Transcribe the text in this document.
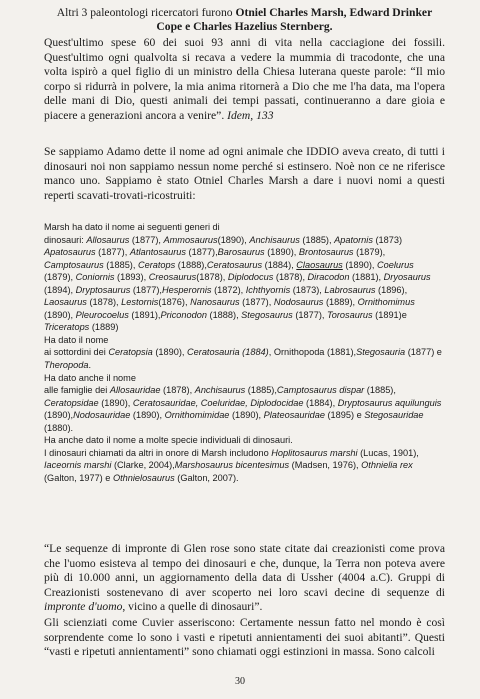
Altri 3 paleontologi ricercatori furono Otniel Charles Marsh, Edward Drinker
Cope e Charles Hazelius Sternberg.

Quest'ultimo spese 60 dei suoi 93 anni di vita nella cacciagione dei fossili. Quest'ultimo ogni qualvolta si recava a vedere la mummia di tracodonte, che una volta ispirò a quel figlio di un ministro della Chiesa luterana queste parole: “Il mio corpo si ridurrà in polvere, la mia anima ritornerà a Dio che me l'ha data, ma l'opera delle mani di Dio, questi animali dei tempi passati, continueranno a dare gioia e piacere a generazioni ancora a venire”. Idem, 133

Se sappiamo Adamo dette il nome ad ogni animale che IDDIO aveva creato, di tutti i dinosauri noi non sappiamo nessun nome perché si estinsero. Noè non ce ne riferisce manco uno. Sappiamo è stato Otniel Charles Marsh a dare i nuovi nomi a questi reperti scavati-trovati-ricostruiti:

Marsh ha dato il nome ai seguenti generi di
dinosauri: Allosaurus (1877), Ammosaurus(1890), Anchisaurus (1885), Apatornis (1873) Apatosaurus (1877), Atlantosaurus (1877),Barosaurus (1890), Brontosaurus (1879), Camptosaurus (1885), Ceratops (1888),Ceratosaurus (1884), Claosaurus (1890), Coelurus (1879), Coniornis (1893), Creosaurus(1878), Diplodocus (1878), Diracodon (1881), Dryosaurus (1894), Dryptosaurus (1877),Hesperornis (1872), Ichthyornis (1873), Labrosaurus (1896), Laosaurus (1878), Lestornis(1876), Nanosaurus (1877), Nodosaurus (1889), Ornithomimus (1890), Pleurocoelus (1891),Priconodon (1888), Stegosaurus (1877), Torosaurus (1891)e Triceratops (1889)
Ha dato il nome
ai sottordini dei Ceratopsia (1890), Ceratosauria (1884), Ornithopoda (1881),Stegosauria (1877) e Theropoda.
Ha dato anche il nome
alle famiglie dei Allosauridae (1878), Anchisaurus (1885),Camptosaurus dispar (1885), Ceratopsidae (1890), Ceratosauridae, Coeluridae, Diplodocidae (1884), Dryptosaurus aquilunguis (1890),Nodosauridae (1890), Ornithomimidae (1890), Plateosauridae (1895) e Stegosauridae (1880).
Ha anche dato il nome a molte specie individuali di dinosauri.
I dinosauri chiamati da altri in onore di Marsh includono Hoplitosaurus marshi (Lucas, 1901), Iaceornis marshi (Clarke, 2004),Marshosaurus bicentesimus (Madsen, 1976), Othnielia rex (Galton, 1977) e Othnielosaurus (Galton, 2007).

“Le sequenze di impronte di Glen rose sono state citate dai creazionisti come prova che l'uomo esisteva al tempo dei dinosauri e che, dunque, la Terra non poteva avere più di 10.000 anni, un aggiornamento della data di Ussher (4004 a.C). Gruppi di Creazionisti sostenevano di aver scoperto nei loro scavi decine di sequenze di impronte d'uomo, vicino a quelle di dinosauri”.

Gli scienziati come Cuvier asseriscono: Certamente nessun fatto nel mondo è così sorprendente come lo sono i vasti e ripetuti annientamenti dei suoi abitanti”. Questi “vasti e ripetuti annientamenti” sono chiamati oggi estinzioni in massa. Sono calcoli

30
